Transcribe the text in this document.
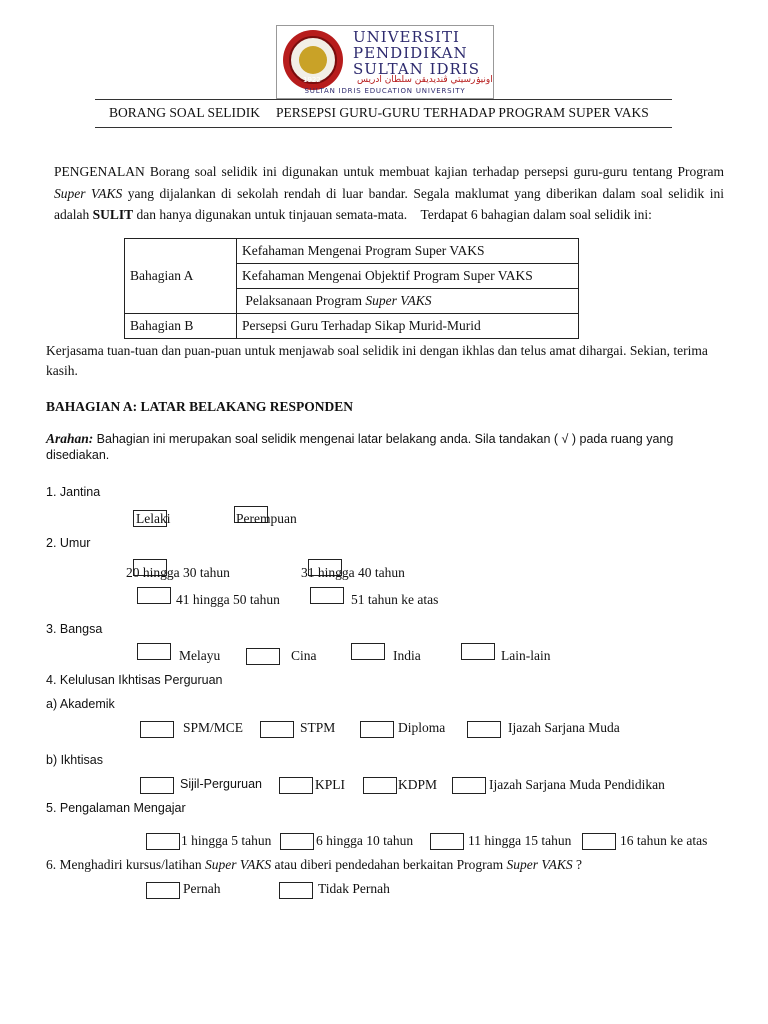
1922
UNIVERSITI
PENDIDIKAN
SULTAN IDRIS
اونيۏرسيتي ڤنديديقن سلطان ادريس
SULTAN IDRIS EDUCATION UNIVERSITY
BORANG SOAL SELIDIK PERSEPSI GURU-GURU TERHADAP PROGRAM SUPER VAKS
PENGENALAN Borang soal selidik ini digunakan untuk membuat kajian terhadap persepsi guru-guru tentang Program
Super VAKS yang dijalankan di sekolah rendah di luar bandar. Segala maklumat yang diberikan dalam soal selidik ini
adalah SULIT dan hanya digunakan untuk tinjauan semata-mata. Terdapat 6 bahagian dalam soal selidik ini:
Bahagian A	Kefahaman Mengenai Program Super VAKS
	Kefahaman Mengenai Objektif Program Super VAKS
	Pelaksanaan Program Super VAKS
Bahagian B	Persepsi Guru Terhadap Sikap Murid-Murid
Kerjasama tuan-tuan dan puan-puan untuk menjawab soal selidik ini dengan ikhlas dan telus amat dihargai. Sekian, terima
kasih.
BAHAGIAN A: LATAR BELAKANG RESPONDEN
Arahan: Bahagian ini merupakan soal selidik mengenai latar belakang anda. Sila tandakan ( √ ) pada ruang yang
disediakan.
1. Jantina
Lelaki	Perempuan
2. Umur
20 hingga 30 tahun	31 hingga 40 tahun
41 hingga 50 tahun	51 tahun ke atas
3. Bangsa
Melayu	Cina	India	Lain-lain
4. Kelulusan Ikhtisas Perguruan
a) Akademik
SPM/MCE	STPM	Diploma	Ijazah Sarjana Muda
b) Ikhtisas
Sijil-Perguruan	KPLI	KDPM	Ijazah Sarjana Muda Pendidikan
5. Pengalaman Mengajar
1 hingga 5 tahun	6 hingga 10 tahun	11 hingga 15 tahun	16 tahun ke atas
6. Menghadiri kursus/latihan Super VAKS atau diberi pendedahan berkaitan Program Super VAKS ?
Pernah	Tidak Pernah
